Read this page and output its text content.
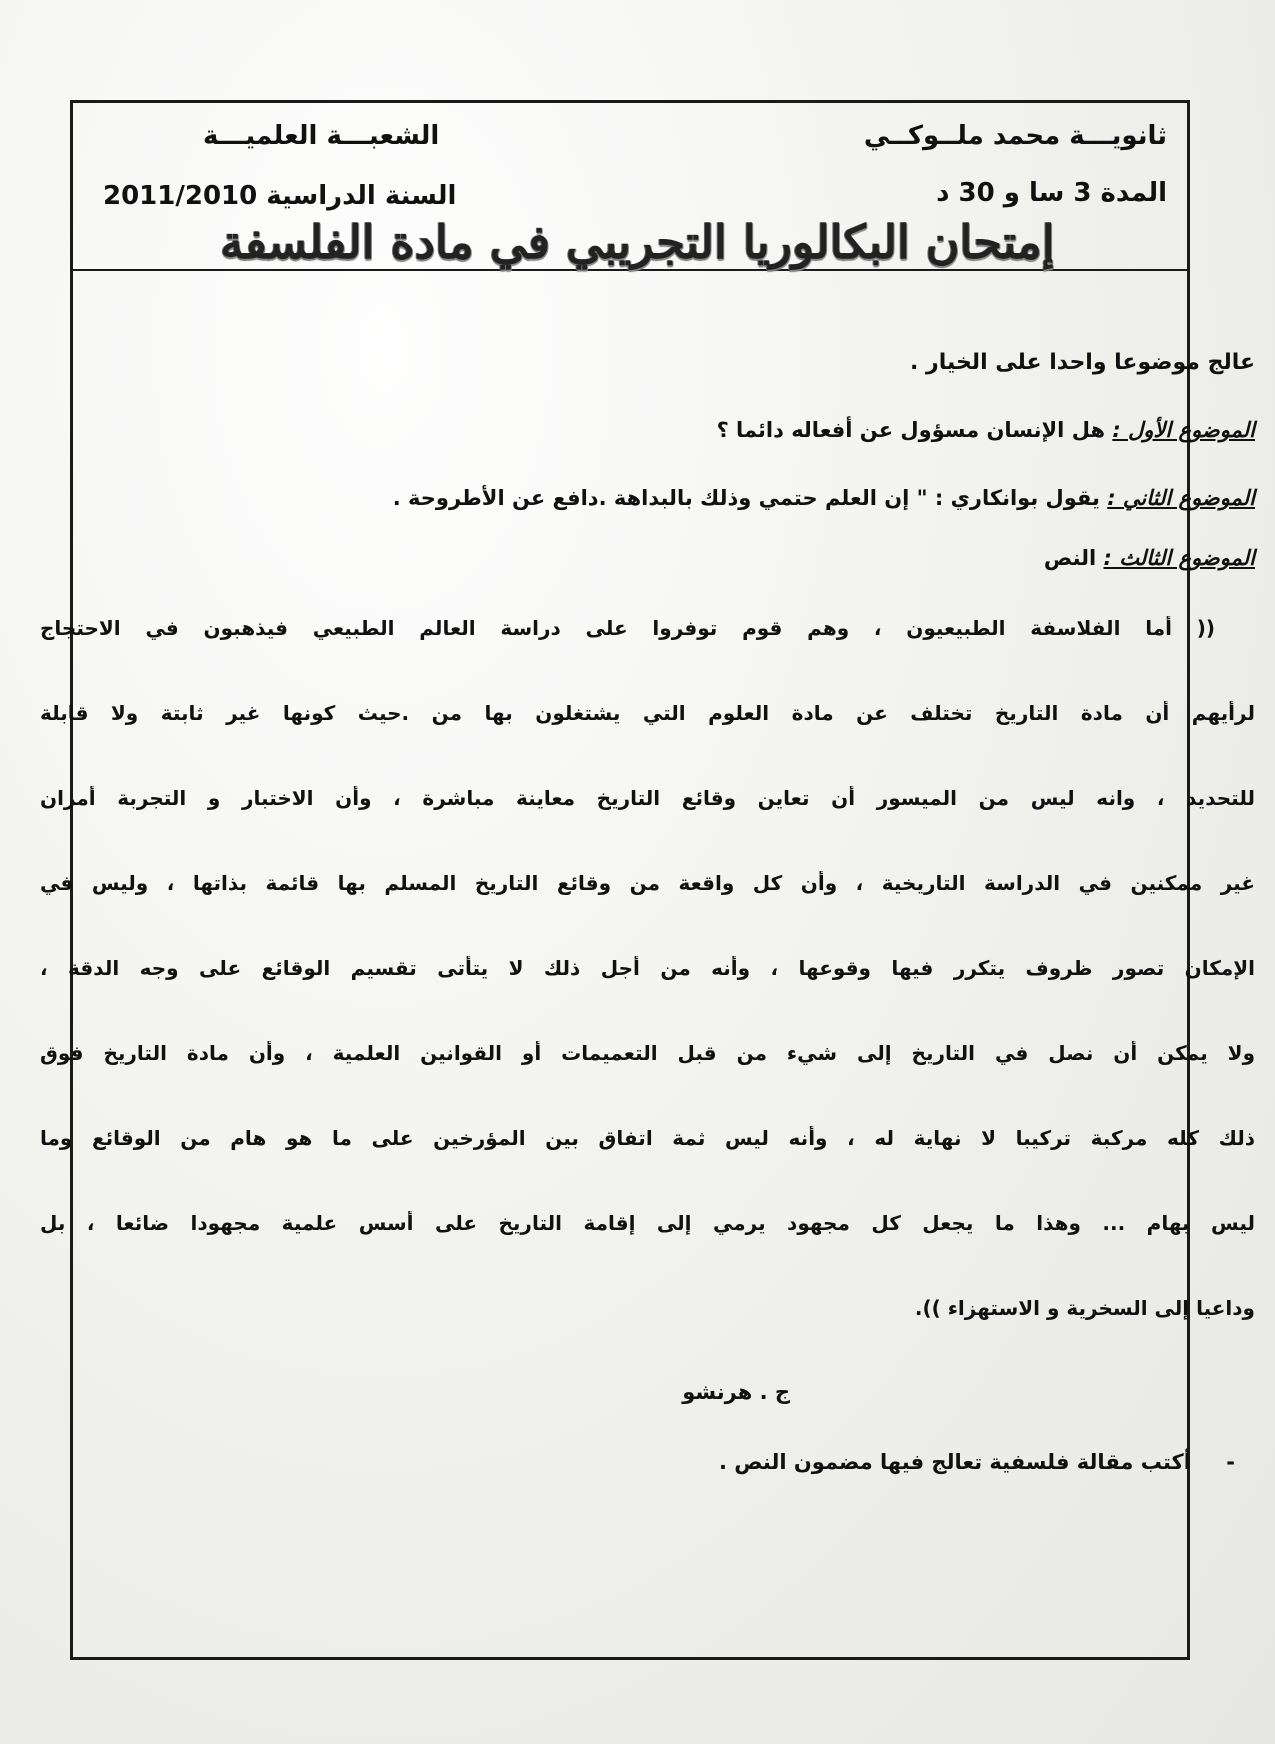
ثانويـــة محمد ملــوكــي
الشعبـــة العلميـــة
المدة 3 سا و 30 د
السنة الدراسية 2011/2010
إمتحان البكالوريا التجريبي في مادة الفلسفة
عالج موضوعا واحدا على الخيار .
الموضوع الأول : هل الإنسان مسؤول عن أفعاله دائما ؟
الموضوع الثاني : يقول بوانكاري : " إن العلم حتمي وذلك بالبداهة .دافع عن الأطروحة .
الموضوع الثالث : النص
(( أما الفلاسفة الطبيعيون ، وهم قوم توفروا على دراسة العالم الطبيعي فيذهبون في الاحتجاج
لرأيهم أن مادة التاريخ تختلف عن مادة العلوم التي يشتغلون بها من .حيث كونها غير ثابتة ولا قابلة
للتحديد ، وانه ليس من الميسور أن تعاين وقائع التاريخ معاينة مباشرة ، وأن الاختبار و التجربة أمران
غير ممكنين في الدراسة التاريخية ، وأن كل واقعة من وقائع التاريخ المسلم بها قائمة بذاتها ، وليس في
الإمكان تصور ظروف يتكرر فيها وقوعها ، وأنه من أجل ذلك لا يتأتى تقسيم الوقائع على وجه الدقة ،
ولا يمكن أن نصل في التاريخ إلى شيء من قبل التعميمات أو القوانين العلمية ، وأن مادة التاريخ فوق
ذلك كله مركبة تركيبا لا نهاية له ، وأنه ليس ثمة اتفاق بين المؤرخين على ما هو هام من الوقائع وما
ليس بهام ... وهذا ما يجعل كل مجهود يرمي إلى إقامة التاريخ على أسس علمية مجهودا ضائعا ، بل
وداعيا إلى السخرية و الاستهزاء )).
ج . هرنشو
- أكتب مقالة فلسفية تعالج فيها مضمون النص .
